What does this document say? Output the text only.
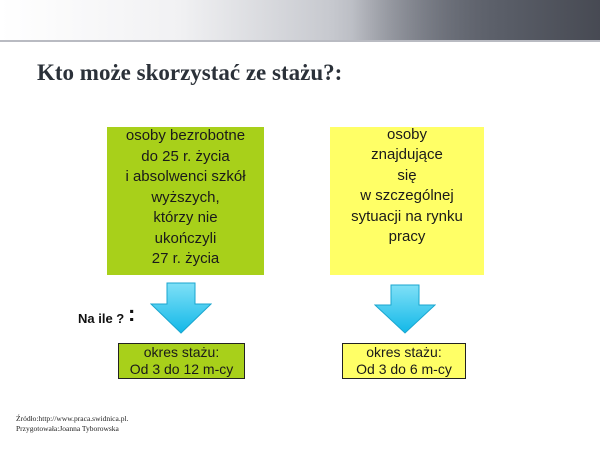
Kto może skorzystać ze stażu?:
osoby bezrobotne
do 25 r. życia
i absolwenci szkół
wyższych,
którzy nie
ukończyli
27 r. życia
osoby
znajdujące
się
w szczególnej
sytuacji na rynku
pracy
Na ile ? :
okres stażu:
Od 3 do 12 m-cy
okres stażu:
Od 3 do 6 m-cy
Źródło:http://www.praca.swidnica.pl.
Przygotowała:Joanna Tyborowska
